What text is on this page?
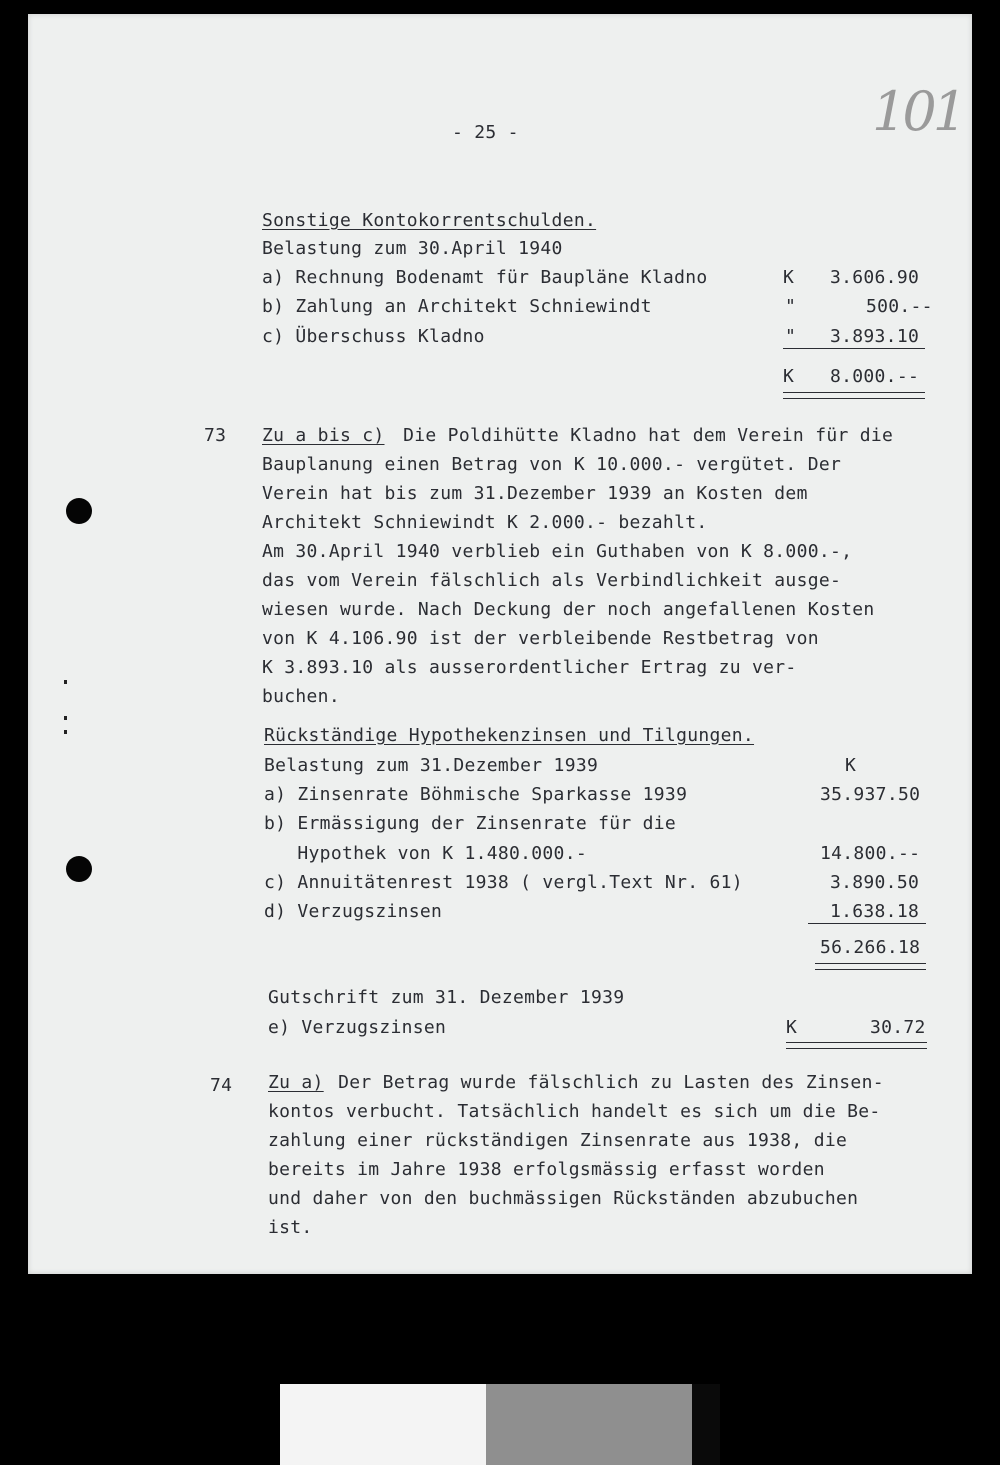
101
- 25 -
Sonstige Kontokorrentschulden.
Belastung zum 30.April 1940
a) Rechnung Bodenamt für Baupläne Kladno	K 3.606.90
b) Zahlung an Architekt Schniewindt	"	500.--
c) Überschuss Kladno	" 3.893.10
K 8.000.--
73 Zu a bis c) Die Poldihütte Kladno hat dem Verein für die
Bauplanung einen Betrag von K 10.000.- vergütet. Der
Verein hat bis zum 31.Dezember 1939 an Kosten dem
Architekt Schniewindt K 2.000.- bezahlt.
Am 30.April 1940 verblieb ein Guthaben von K 8.000.-,
das vom Verein fälschlich als Verbindlichkeit ausge-
wiesen wurde. Nach Deckung der noch angefallenen Kosten
von K 4.106.90 ist der verbleibende Restbetrag von
K 3.893.10 als ausserordentlicher Ertrag zu ver-
buchen.
Rückständige Hypothekenzinsen und Tilgungen.
Belastung zum 31.Dezember 1939	K
a) Zinsenrate Böhmische Sparkasse 1939	35.937.50
b) Ermässigung der Zinsenrate für die
Hypothek von K 1.480.000.-	14.800.--
c) Annuitätenrest 1938 ( vergl.Text Nr. 61)	3.890.50
d) Verzugszinsen	1.638.18
56.266.18
Gutschrift zum 31. Dezember 1939
e) Verzugszinsen	K	30.72
74 Zu a) Der Betrag wurde fälschlich zu Lasten des Zinsen-
kontos verbucht. Tatsächlich handelt es sich um die Be-
zahlung einer rückständigen Zinsenrate aus 1938, die
bereits im Jahre 1938 erfolgsmässig erfasst worden
und daher von den buchmässigen Rückständen abzubuchen
ist.
